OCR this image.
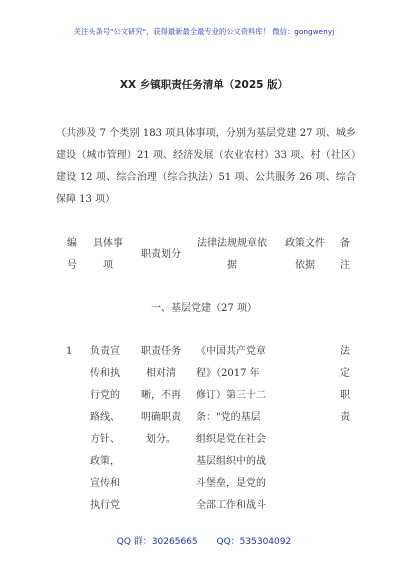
关注头条号"公文研究"，获得最新最全最专业的公文资料库！ 微信：gongwenyj
XX 乡镇职责任务清单（2025 版）
（共涉及 7 个类别 183 项具体事项，分别为基层党建 27 项、城乡建设（城市管理）21 项、经济发展（农业农村）33 项、村（社区）建设 12 项、综合治理（综合执法）51 项、公共服务 26 项、综合保障 13 项）
编
号
具体事
项
职责划分
法律法规规章依
据
政策文件
依据
备
注
一、基层党建（27 项）
1	负责宣
传和执
行党的
路线、
方针、
政策，
宣传和
执行党
职责任务
相对清
晰，不再
明确职责
划分。
《中国共产党章
程》（2017 年
修订）第三十二
条："党的基层
组织是党在社会
基层组织中的战
斗堡垒，是党的
全部工作和战斗
法
定
职
责
QQ 群：30265665 QQ：535304092
